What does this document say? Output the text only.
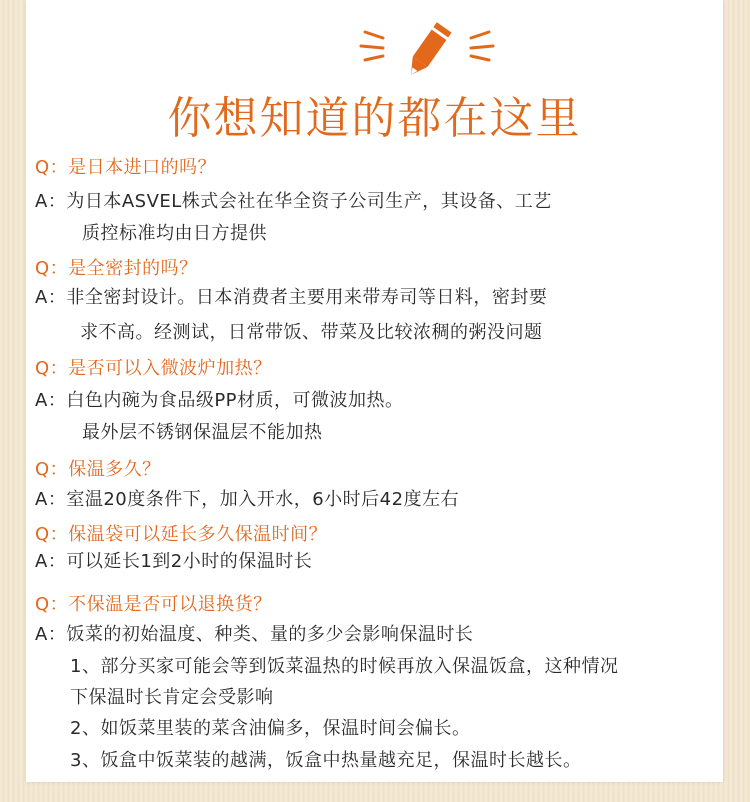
你想知道的都在这里
Q：是日本进口的吗？
A：为日本ASVEL株式会社在华全资子公司生产，其设备、工艺
质控标准均由日方提供
Q：是全密封的吗？
A：非全密封设计。日本消费者主要用来带寿司等日料，密封要
求不高。经测试，日常带饭、带菜及比较浓稠的粥没问题
Q：是否可以入微波炉加热？
A：白色内碗为食品级PP材质，可微波加热。
最外层不锈钢保温层不能加热
Q：保温多久？
A：室温20度条件下，加入开水，6小时后42度左右
Q：保温袋可以延长多久保温时间？
A：可以延长1到2小时的保温时长
Q：不保温是否可以退换货？
A：饭菜的初始温度、种类、量的多少会影响保温时长
1、部分买家可能会等到饭菜温热的时候再放入保温饭盒，这种情况
下保温时长肯定会受影响
2、如饭菜里装的菜含油偏多，保温时间会偏长。
3、饭盒中饭菜装的越满，饭盒中热量越充足，保温时长越长。
